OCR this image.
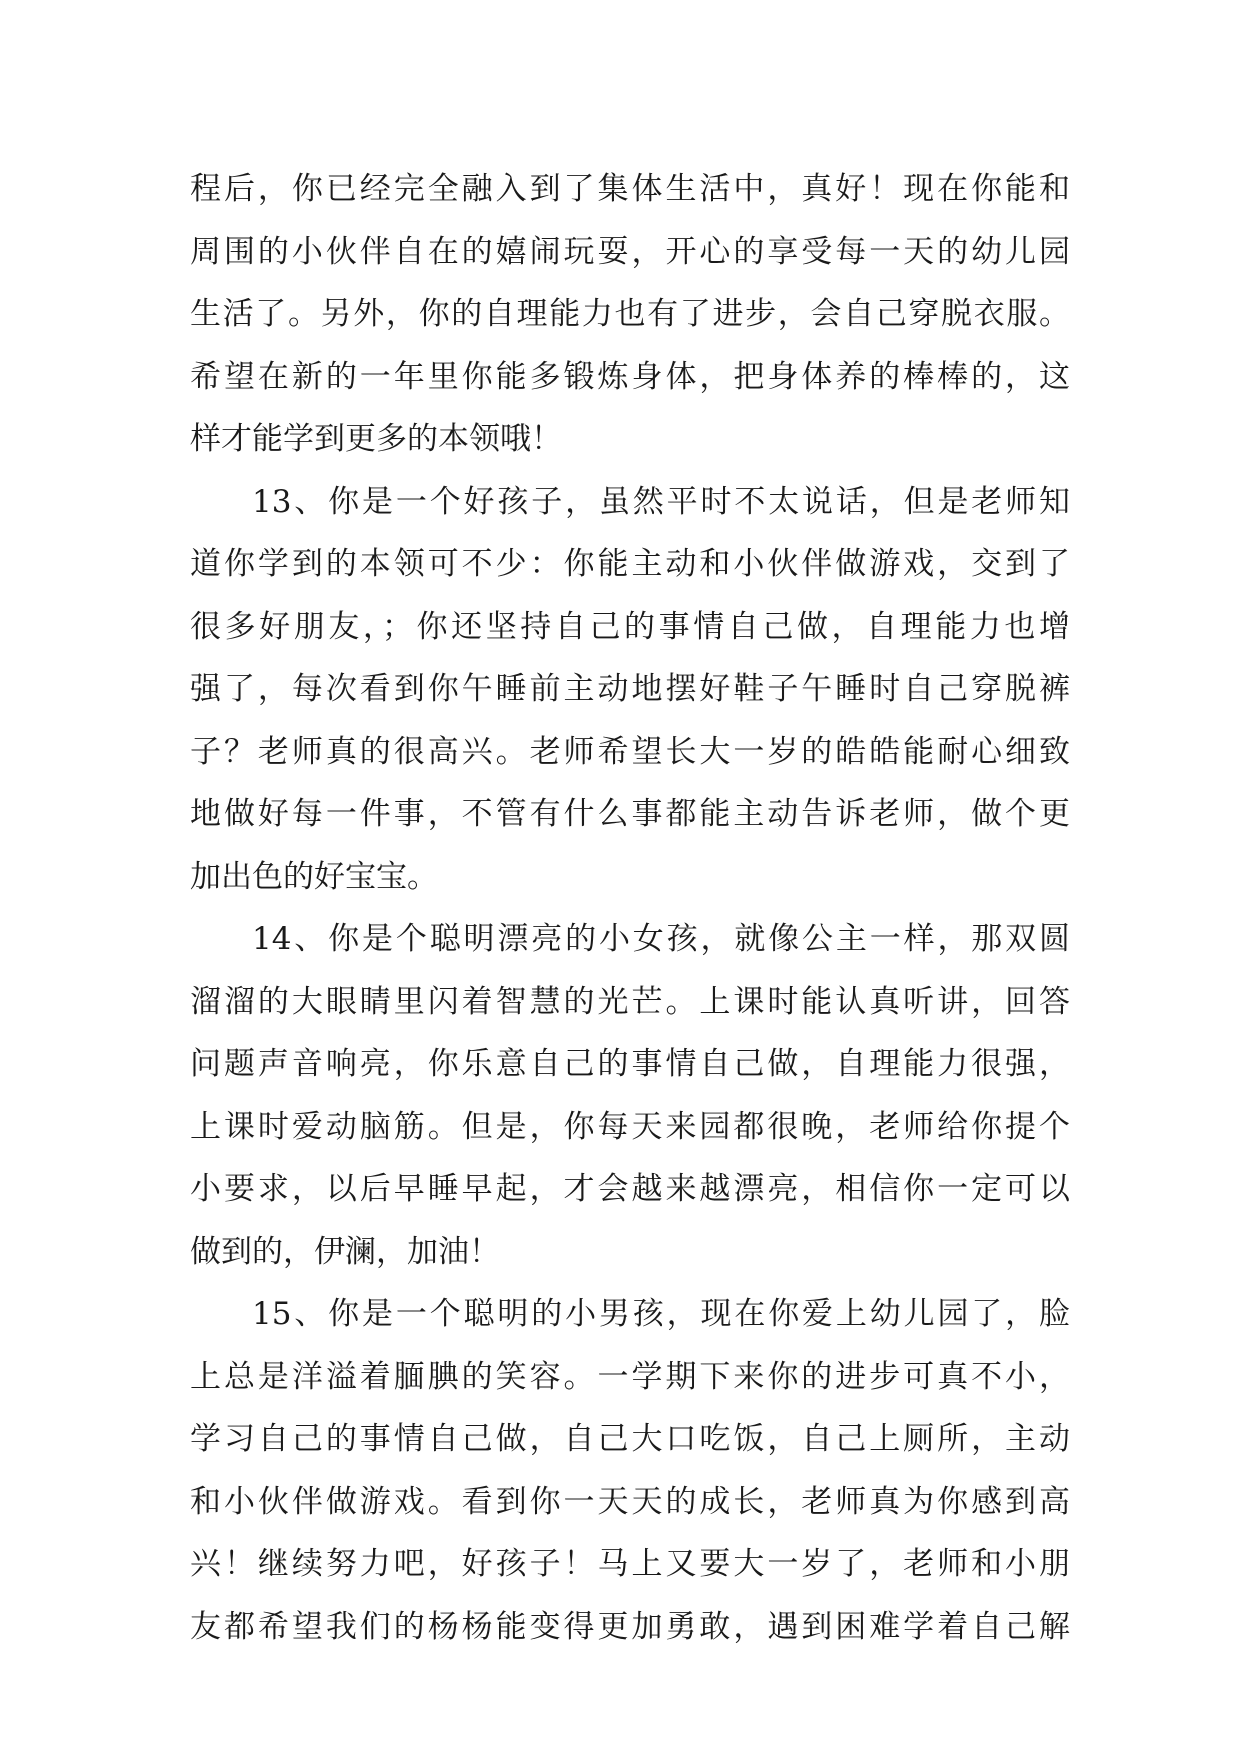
程后，你已经完全融入到了集体生活中，真好！现在你能和
周围的小伙伴自在的嬉闹玩耍，开心的享受每一天的幼儿园
生活了。另外，你的自理能力也有了进步，会自己穿脱衣服。
希望在新的一年里你能多锻炼身体，把身体养的棒棒的，这
样才能学到更多的本领哦！
13、你是一个好孩子，虽然平时不太说话，但是老师知
道你学到的本领可不少：你能主动和小伙伴做游戏，交到了
很多好朋友，；你还坚持自己的事情自己做，自理能力也增
强了，每次看到你午睡前主动地摆好鞋子午睡时自己穿脱裤
子？老师真的很高兴。老师希望长大一岁的皓皓能耐心细致
地做好每一件事，不管有什么事都能主动告诉老师，做个更
加出色的好宝宝。
14、你是个聪明漂亮的小女孩，就像公主一样，那双圆
溜溜的大眼睛里闪着智慧的光芒。上课时能认真听讲，回答
问题声音响亮，你乐意自己的事情自己做，自理能力很强，
上课时爱动脑筋。但是，你每天来园都很晚，老师给你提个
小要求，以后早睡早起，才会越来越漂亮，相信你一定可以
做到的，伊澜，加油！
15、你是一个聪明的小男孩，现在你爱上幼儿园了，脸
上总是洋溢着腼腆的笑容。一学期下来你的进步可真不小，
学习自己的事情自己做，自己大口吃饭，自己上厕所，主动
和小伙伴做游戏。看到你一天天的成长，老师真为你感到高
兴！继续努力吧，好孩子！马上又要大一岁了，老师和小朋
友都希望我们的杨杨能变得更加勇敢，遇到困难学着自己解
